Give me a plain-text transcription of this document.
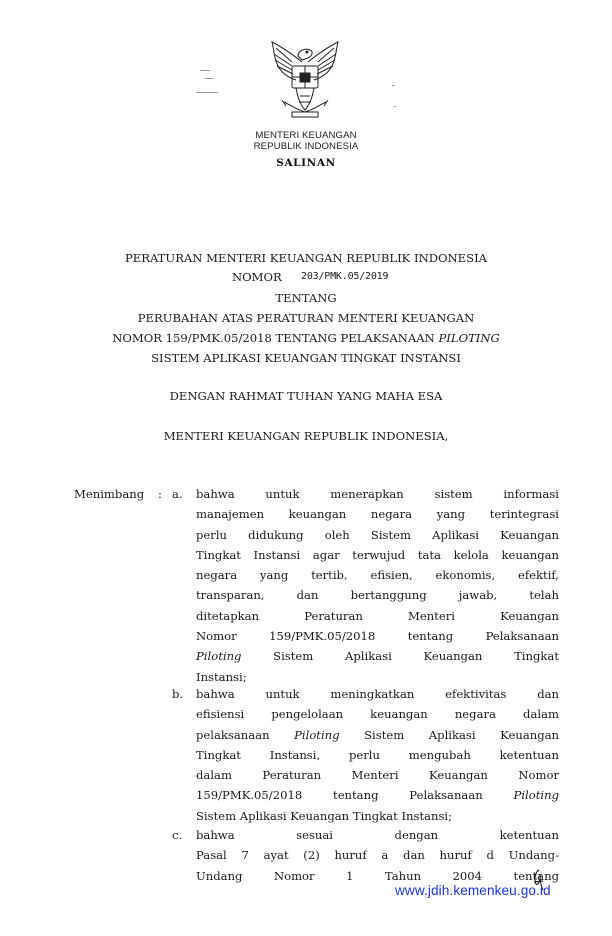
MENTERI KEUANGAN
REPUBLIK INDONESIA
SALINAN
PERATURAN MENTERI KEUANGAN REPUBLIK INDONESIA
NOMOR 203/PMK.05/2019
TENTANG
PERUBAHAN ATAS PERATURAN MENTERI KEUANGAN
NOMOR 159/PMK.05/2018 TENTANG PELAKSANAAN PILOTING
SISTEM APLIKASI KEUANGAN TINGKAT INSTANSI
DENGAN RAHMAT TUHAN YANG MAHA ESA
MENTERI KEUANGAN REPUBLIK INDONESIA,
Menimbang : a. bahwa untuk menerapkan sistem informasi
manajemen keuangan negara yang terintegrasi
perlu didukung oleh Sistem Aplikasi Keuangan
Tingkat Instansi agar terwujud tata kelola keuangan
negara yang tertib, efisien, ekonomis, efektif,
transparan, dan bertanggung jawab, telah
ditetapkan Peraturan Menteri Keuangan
Nomor 159/PMK.05/2018 tentang Pelaksanaan
Piloting Sistem Aplikasi Keuangan Tingkat
Instansi;
b. bahwa untuk meningkatkan efektivitas dan
efisiensi pengelolaan keuangan negara dalam
pelaksanaan Piloting Sistem Aplikasi Keuangan
Tingkat Instansi, perlu mengubah ketentuan
dalam Peraturan Menteri Keuangan Nomor
159/PMK.05/2018 tentang Pelaksanaan Piloting
Sistem Aplikasi Keuangan Tingkat Instansi;
c. bahwa sesuai dengan ketentuan
Pasal 7 ayat (2) huruf a dan huruf d Undang-
Undang Nomor 1 Tahun 2004 tentang
www.jdih.kemenkeu.go.id
